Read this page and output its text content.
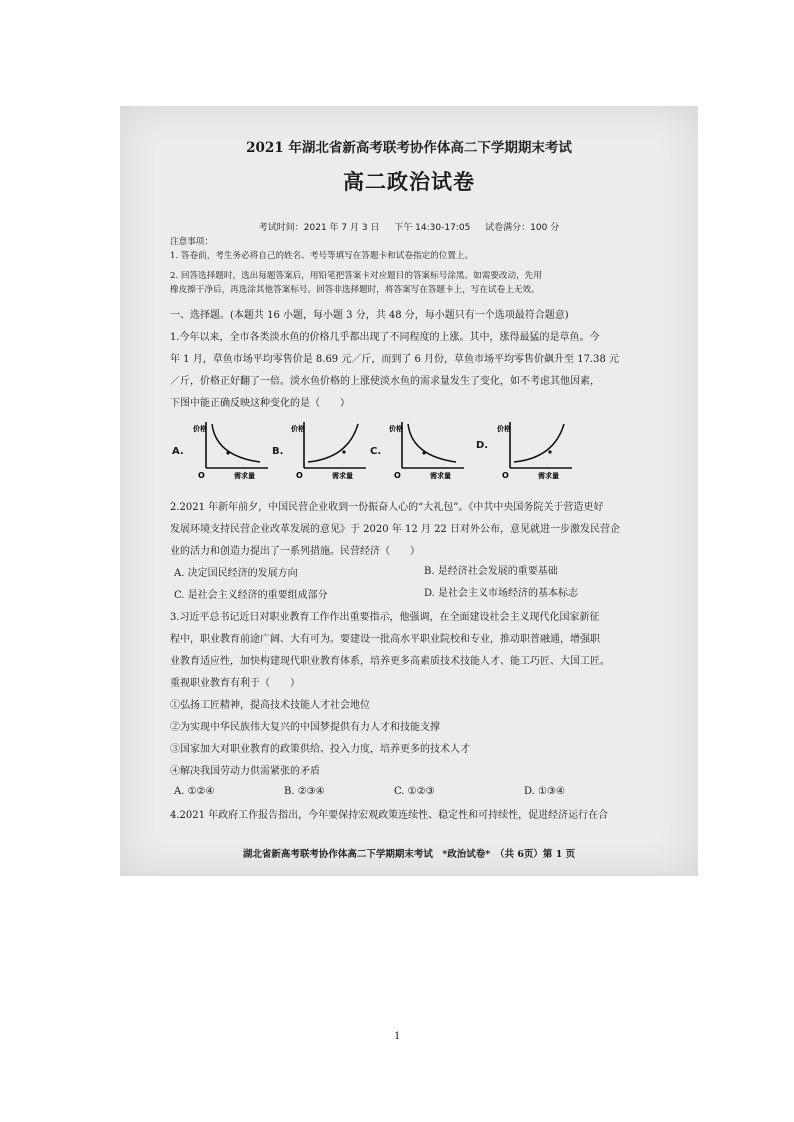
2021 年湖北省新高考联考协作体高二下学期期末考试
高二政治试卷
考试时间：2021 年 7 月 3 日 下午 14:30-17:05 试卷满分：100 分
注意事项：
1. 答卷前，考生务必将自己的姓名、考号等填写在答题卡和试卷指定的位置上。
2. 回答选择题时，选出每题答案后，用铅笔把答案卡对应题目的答案标号涂黑。如需要改动，先用
橡皮擦干净后，再选涂其他答案标号。回答非选择题时，将答案写在答题卡上，写在试卷上无效。
一、选择题。(本题共 16 小题，每小题 3 分，共 48 分，每小题只有一个选项最符合题意)
1.今年以来，全市各类淡水鱼的价格几乎都出现了不同程度的上涨。其中，涨得最猛的是草鱼。今
年 1 月，草鱼市场平均零售价是 8.69 元／斤，而到了 6 月份，草鱼市场平均零售价飙升至 17.38 元
／斤，价格正好翻了一倍。淡水鱼价格的上涨使淡水鱼的需求量发生了变化，如不考虑其他因素，
下图中能正确反映这种变化的是（　　）
A.
价格
O	需求量
B.
价格
O	需求量
C.
价格
O	需求量
D.
价格
O	需求量
2.2021 年新年前夕，中国民营企业收到一份振奋人心的“大礼包”。《中共中央国务院关于营造更好
发展环境支持民营企业改革发展的意见》于 2020 年 12 月 22 日对外公布，意见就进一步激发民营企
业的活力和创造力提出了一系列措施。民营经济（　　）
A. 决定国民经济的发展方向	B. 是经济社会发展的重要基础
C. 是社会主义经济的重要组成部分	D. 是社会主义市场经济的基本标志
3.习近平总书记近日对职业教育工作作出重要指示，他强调，在全面建设社会主义现代化国家新征
程中，职业教育前途广阔、大有可为。要建设一批高水平职业院校和专业，推动职普融通，增强职
业教育适应性，加快构建现代职业教育体系，培养更多高素质技术技能人才、能工巧匠、大国工匠。
重视职业教育有利于（　　）
①弘扬工匠精神，提高技术技能人才社会地位
②为实现中华民族伟大复兴的中国梦提供有力人才和技能支撑
③国家加大对职业教育的政策供给、投入力度，培养更多的技术人才
④解决我国劳动力供需紧张的矛盾
A. ①②④	B. ②③④	C. ①②③	D. ①③④
4.2021 年政府工作报告指出，今年要保持宏观政策连续性、稳定性和可持续性，促进经济运行在合
湖北省新高考联考协作体高二下学期期末考试　*政治试卷*　（共 6页）第 1 页
1
